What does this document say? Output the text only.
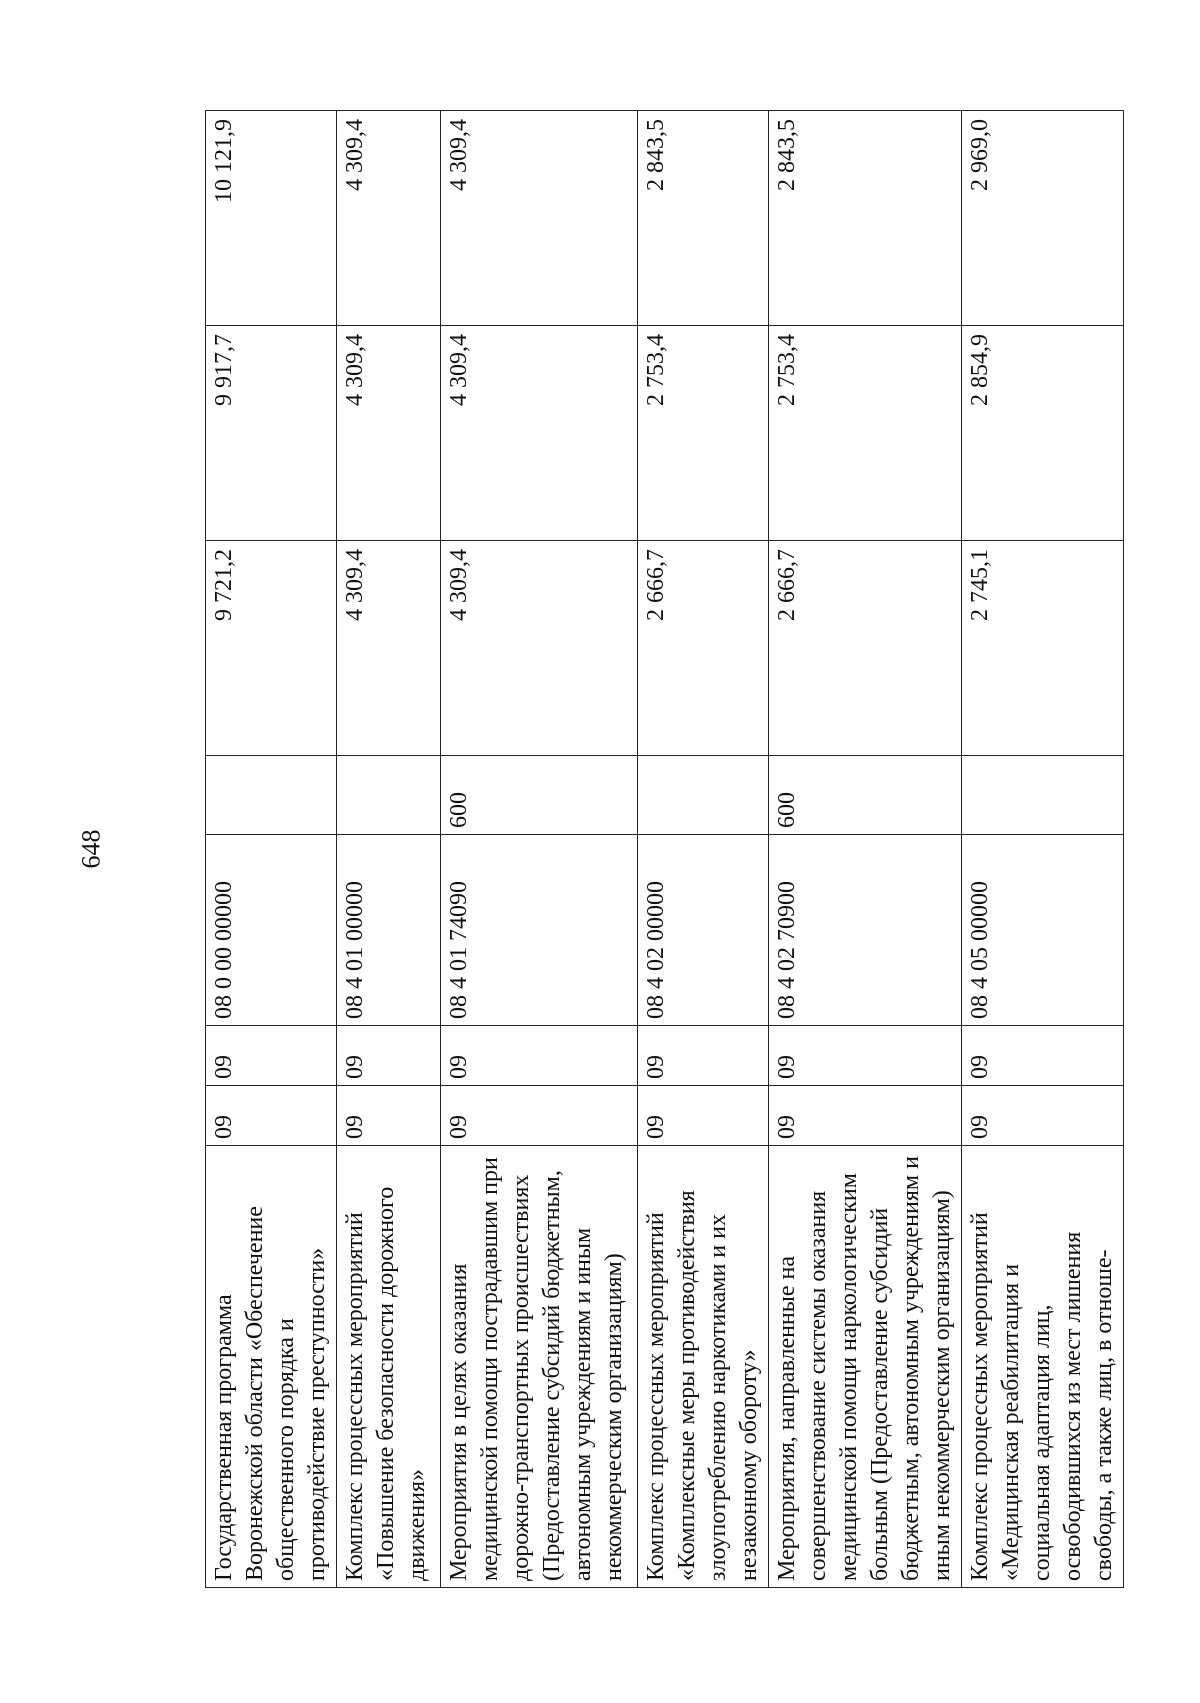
648
Государственная программа Воронежской области «Обеспечение общественного порядка и противодействие преступности»	09	09	08 0 00 00000		9 721,2	9 917,7	10 121,9
Комплекс процессных мероприятий «Повышение безопасности дорожного движения»	09	09	08 4 01 00000		4 309,4	4 309,4	4 309,4
Мероприятия в целях оказания медицинской помощи пострадавшим при дорожно-транспортных происшествиях (Предоставление субсидий бюджетным, автономным учреждениям и иным некоммерческим организациям)	09	09	08 4 01 74090	600	4 309,4	4 309,4	4 309,4
Комплекс процессных мероприятий «Комплексные меры противодействия злоупотреблению наркотиками и их незаконному обороту»	09	09	08 4 02 00000		2 666,7	2 753,4	2 843,5
Мероприятия, направленные на совершенствование системы оказания медицинской помощи наркологическим больным (Предоставление субсидий бюджетным, автономным учреждениям и иным некоммерческим организациям)	09	09	08 4 02 70900	600	2 666,7	2 753,4	2 843,5
Комплекс процессных мероприятий «Медицинская реабилитация и социальная адаптация лиц, освободившихся из мест лишения свободы, а также лиц, в отноше-	09	09	08 4 05 00000		2 745,1	2 854,9	2 969,0
